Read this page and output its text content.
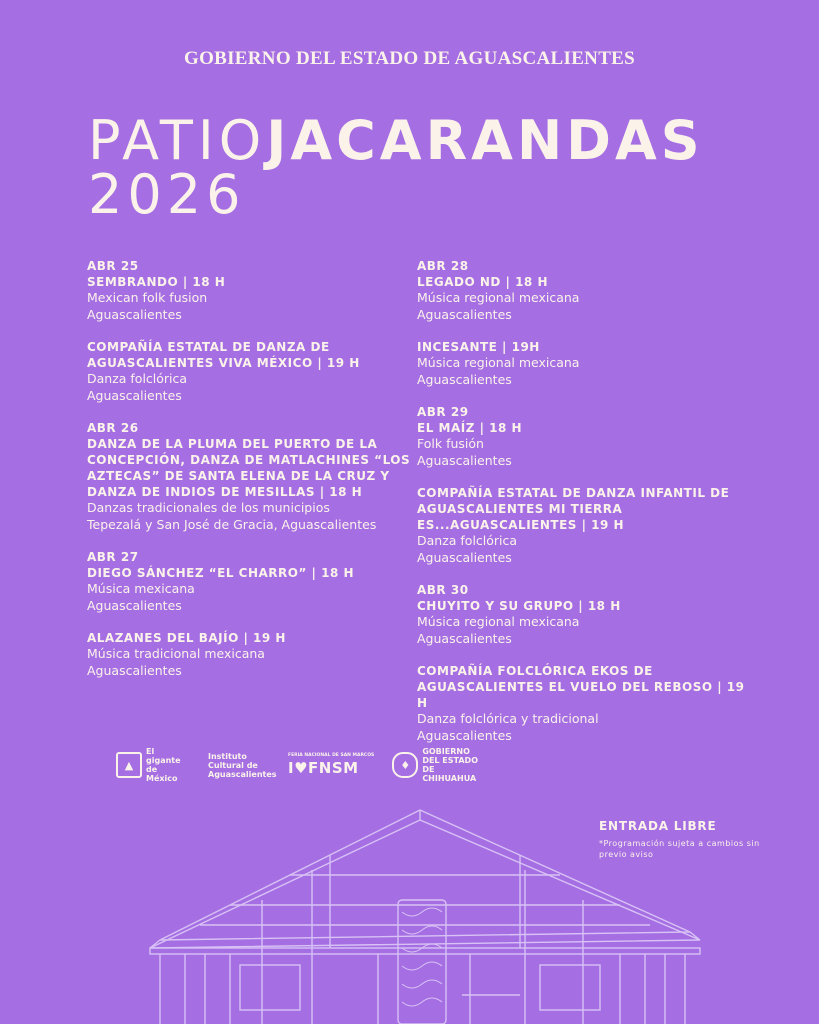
GOBIERNO DEL ESTADO DE AGUASCALIENTES
PATIOJACARANDAS
2026
ABR 25
SEMBRANDO | 18 H
Mexican folk fusion
Aguascalientes
COMPAÑÍA ESTATAL DE DANZA DE AGUASCALIENTES VIVA MÉXICO | 19 H
Danza folclórica
Aguascalientes
ABR 26
DANZA DE LA PLUMA DEL PUERTO DE LA CONCEPCIÓN, DANZA DE MATLACHINES “LOS AZTECAS” DE SANTA ELENA DE LA CRUZ Y DANZA DE INDIOS DE MESILLAS | 18 H
Danzas tradicionales de los municipios
Tepezalá y San José de Gracia, Aguascalientes
ABR 27
DIEGO SÁNCHEZ “EL CHARRO” | 18 H
Música mexicana
Aguascalientes
ALAZANES DEL BAJÍO | 19 H
Música tradicional mexicana
Aguascalientes
ABR 28
LEGADO ND | 18 H
Música regional mexicana
Aguascalientes
INCESANTE | 19H
Música regional mexicana
Aguascalientes
ABR 29
EL MAÍZ | 18 H
Folk fusión
Aguascalientes
COMPAÑÍA ESTATAL DE DANZA INFANTIL DE AGUASCALIENTES MI TIERRA ES...AGUASCALIENTES | 19 H
Danza folclórica
Aguascalientes
ABR 30
CHUYITO Y SU GRUPO | 18 H
Música regional mexicana
Aguascalientes
COMPAÑÍA FOLCLÓRICA EKOS DE AGUASCALIENTES EL VUELO DEL REBOSO | 19 H
Danza folclórica y tradicional
Aguascalientes
▲
El gigante de México
Instituto Cultural de Aguascalientes
FERIA NACIONAL DE SAN MARCOS
I♥FNSM	♦
GOBIERNO DEL ESTADO DE CHIHUAHUA
ENTRADA LIBRE
*Programación sujeta a cambios sin previo aviso
